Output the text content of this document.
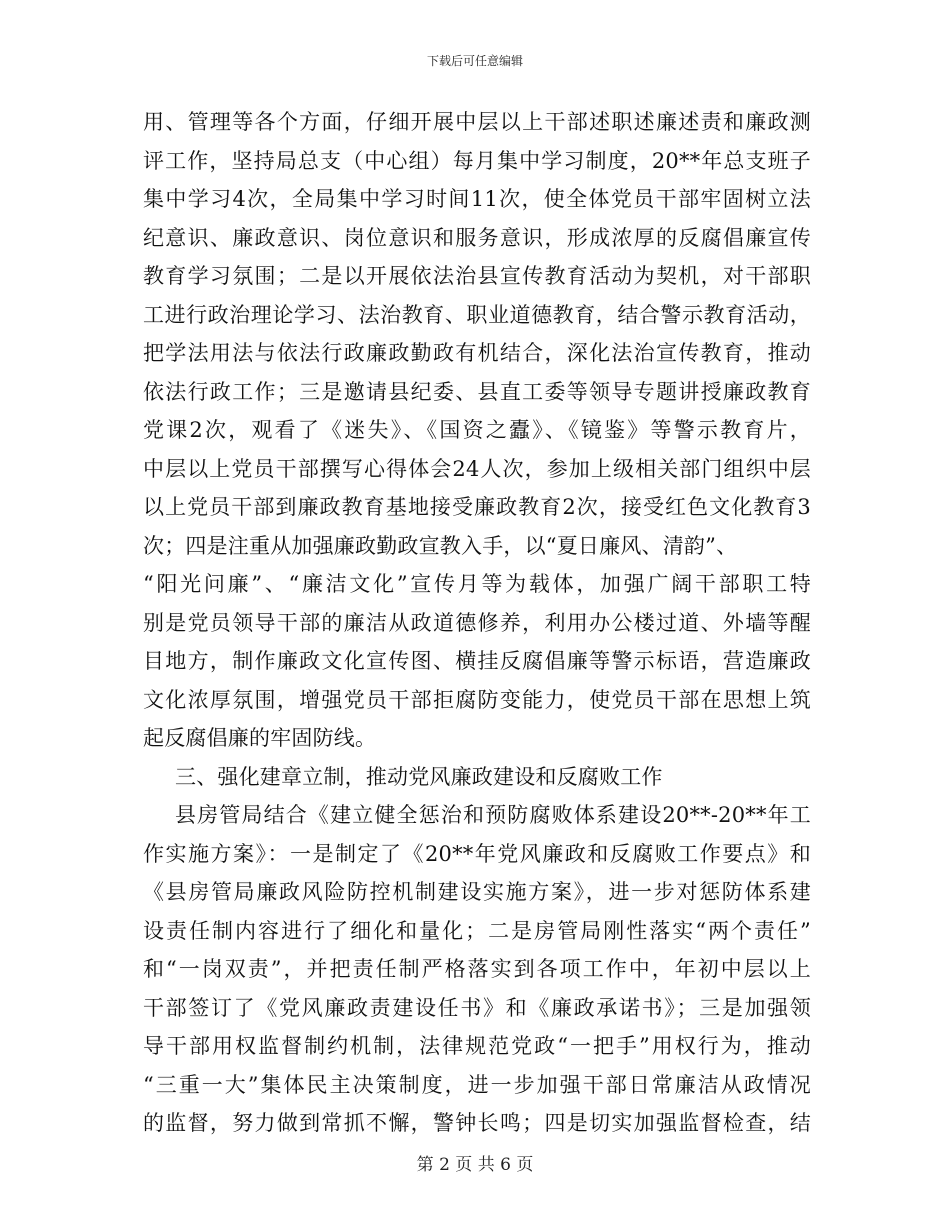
下载后可任意编辑
用、管理等各个方面，仔细开展中层以上干部述职述廉述责和廉政测
评工作，坚持局总支（中心组）每月集中学习制度，20**年总支班子
集中学习4次，全局集中学习时间11次，使全体党员干部牢固树立法
纪意识、廉政意识、岗位意识和服务意识，形成浓厚的反腐倡廉宣传
教育学习氛围；二是以开展依法治县宣传教育活动为契机，对干部职
工进行政治理论学习、法治教育、职业道德教育，结合警示教育活动，
把学法用法与依法行政廉政勤政有机结合，深化法治宣传教育，推动
依法行政工作；三是邀请县纪委、县直工委等领导专题讲授廉政教育
党课2次，观看了《迷失》、《国资之蠹》、《镜鉴》等警示教育片，
中层以上党员干部撰写心得体会24人次，参加上级相关部门组织中层
以上党员干部到廉政教育基地接受廉政教育2次，接受红色文化教育3
次；四是注重从加强廉政勤政宣教入手，以“夏日廉风、清韵”、
“阳光问廉”、“廉洁文化”宣传月等为载体，加强广阔干部职工特
别是党员领导干部的廉洁从政道德修养，利用办公楼过道、外墙等醒
目地方，制作廉政文化宣传图、横挂反腐倡廉等警示标语，营造廉政
文化浓厚氛围，增强党员干部拒腐防变能力，使党员干部在思想上筑
起反腐倡廉的牢固防线。
三、强化建章立制，推动党风廉政建设和反腐败工作
县房管局结合《建立健全惩治和预防腐败体系建设20**-20**年工
作实施方案》：一是制定了《20**年党风廉政和反腐败工作要点》和
《县房管局廉政风险防控机制建设实施方案》，进一步对惩防体系建
设责任制内容进行了细化和量化；二是房管局刚性落实“两个责任”
和“一岗双责”，并把责任制严格落实到各项工作中，年初中层以上
干部签订了《党风廉政责建设任书》和《廉政承诺书》；三是加强领
导干部用权监督制约机制，法律规范党政“一把手”用权行为，推动
“三重一大”集体民主决策制度，进一步加强干部日常廉洁从政情况
的监督，努力做到常抓不懈，警钟长鸣；四是切实加强监督检查，结
第 2 页 共 6 页
